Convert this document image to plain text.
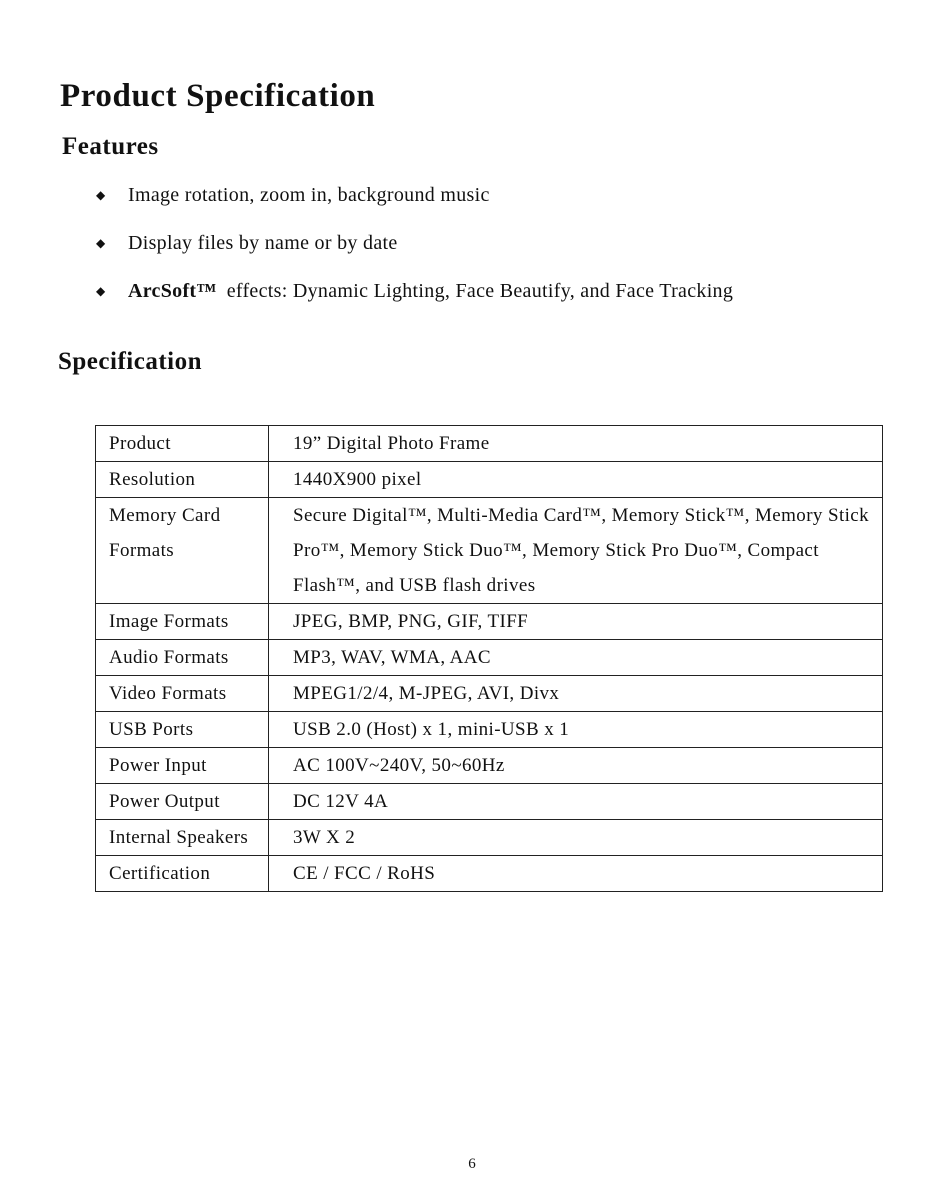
Product Specification
Features
◆	Image rotation, zoom in, background music
◆	Display files by name or by date
◆	ArcSoft™ effects: Dynamic Lighting, Face Beautify, and Face Tracking
Specification
Product	19” Digital Photo Frame
Resolution	1440X900 pixel
Memory Card Formats	Secure Digital™, Multi-Media Card™, Memory Stick™, Memory Stick Pro™, Memory Stick Duo™, Memory Stick Pro Duo™, Compact Flash™, and USB flash drives
Image Formats	JPEG, BMP, PNG, GIF, TIFF
Audio Formats	MP3, WAV, WMA, AAC
Video Formats	MPEG1/2/4, M-JPEG, AVI, Divx
USB Ports	USB 2.0 (Host) x 1, mini-USB x 1
Power Input	AC 100V~240V, 50~60Hz
Power Output	DC 12V 4A
Internal Speakers	3W X 2
Certification	CE / FCC / RoHS
6
